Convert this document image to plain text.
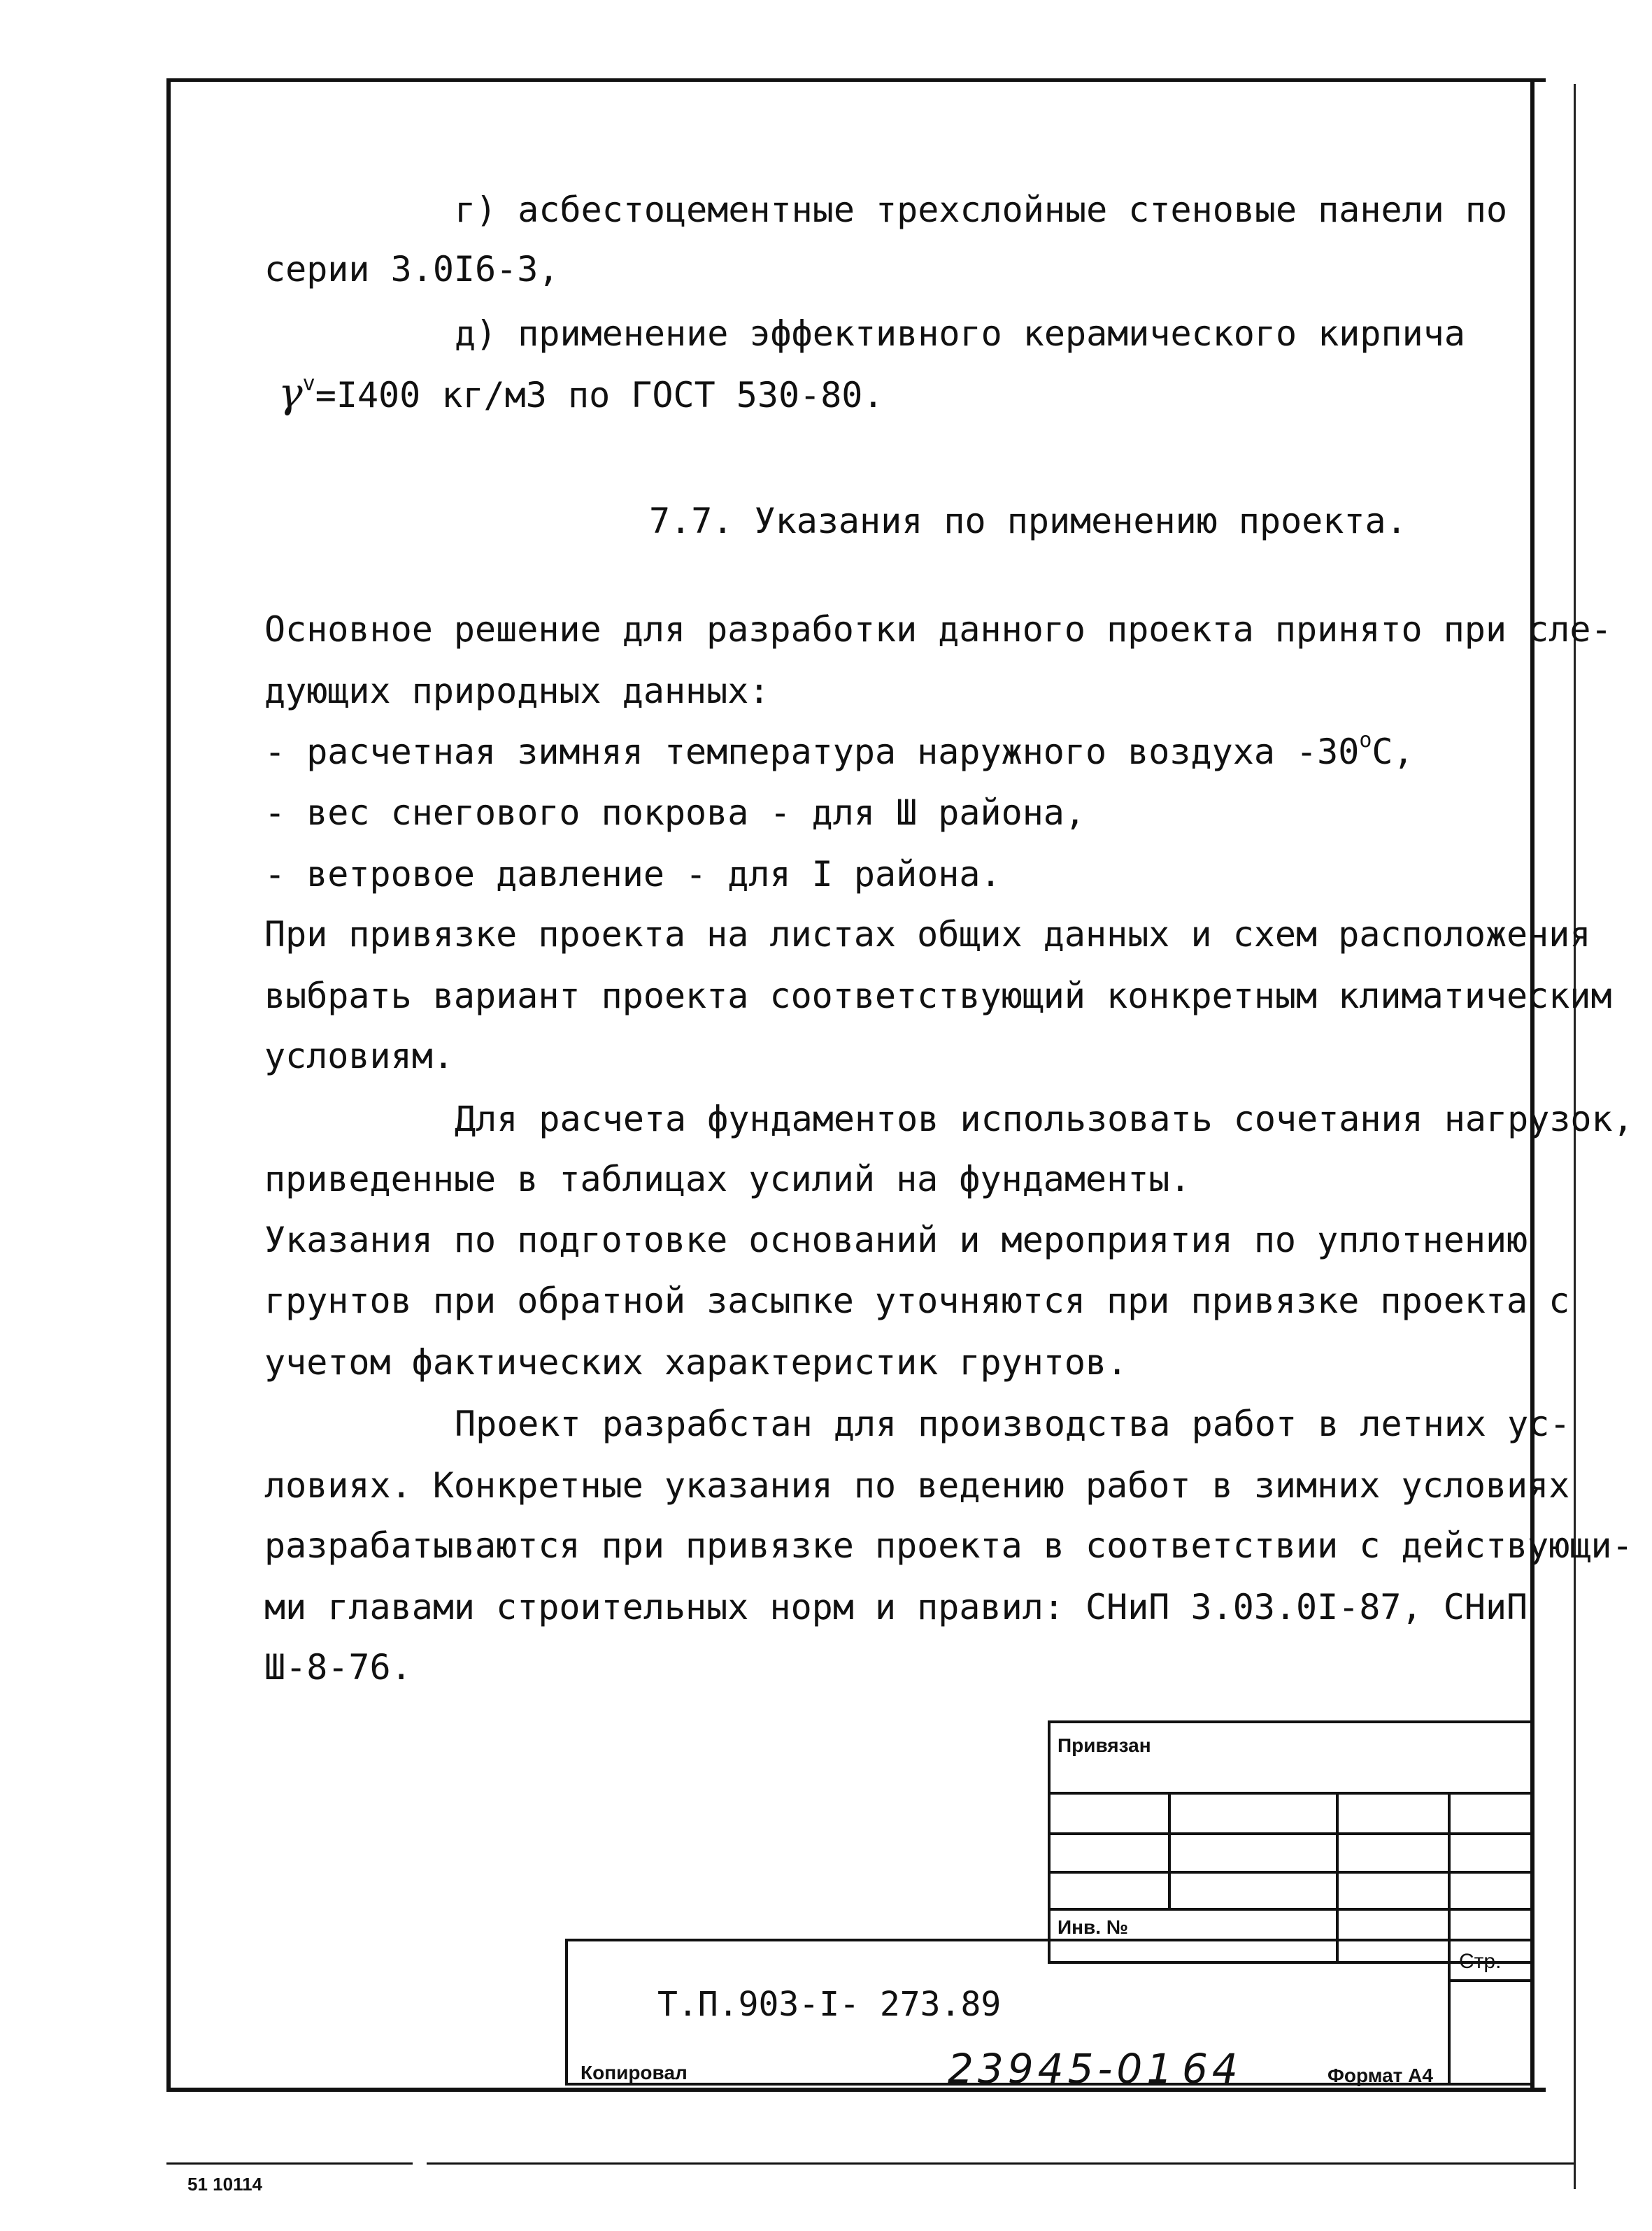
г) асбестоцементные трехслойные стеновые панели по
серии 3.0I6-3,
д) применение эффективного керамического кирпича
$\gamma^v=I400$ кг/м3 по ГОСТ 530-80.
7.7. Указания по применению проекта.
Основное решение для разработки данного проекта принято при сле-
дующих природных данных:
- расчетная зимняя температура наружного воздуха $-30^оС$,
- вес снегового покрова - для Ш района,
- ветровое давление - для I района.
При привязке проекта на листах общих данных и схем расположения
выбрать вариант проекта соответствующий конкретным климатическим
условиям.
Для расчета фундаментов использовать сочетания нагрузок,
приведенные в таблицах усилий на фундаменты.
Указания по подготовке оснований и мероприятия по уплотнению
грунтов при обратной засыпке уточняются при привязке проекта с
учетом фактических характеристик грунтов.
Проект разрабстан для производства работ в летних ус-
ловиях. Конкретные указания по ведению работ в зимних условиях
разрабатываются при привязке проекта в соответствии с действующи-
ми главами строительных норм и правил: СНиП 3.03.0I-87, СНиП
Ш-8-76.
Привязан
Инв. №
Т.П.903-I- 273.89
Стр.
Копировал	23945-01 64	Формат А4
51 10114
